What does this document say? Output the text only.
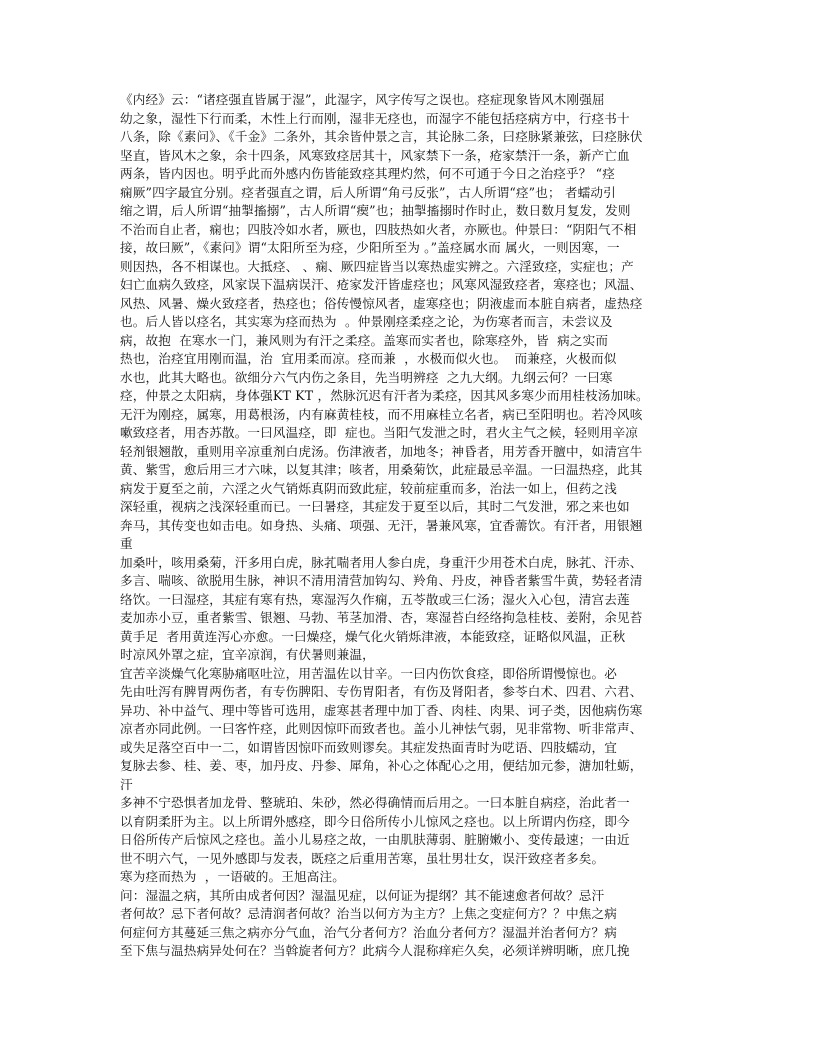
《内经》云：“诸痉强直皆属于湿”，此湿字，风字传写之误也。痉症现象皆风木刚强屈
幼之象，湿性下行而柔，木性上行而刚，湿非无痉也，而湿字不能包括痉病方中，行痉书十
八条，除《素问》、《千金》二条外，其余皆仲景之言，其论脉二条，曰痉脉紧兼弦，曰痉脉伏
坚直，皆风木之象，余十四条，风寒致痉居其十，风家禁下一条，疮家禁汗一条，新产亡血
两条，皆内因也。明乎此而外感内伤皆能致痉其理灼然，何不可通于今日之治痉乎？ “痉
痫厥”四字最宜分别。痉者强直之谓，后人所谓“角弓反张”，古人所谓“痉”也； 者蠕动引
缩之谓，后人所谓“抽掣搐搦”，古人所谓“瘈”也；抽掣搐搦时作时止，数日数月复发，发则
不治而自止者，痫也；四肢冷如水者，厥也，四肢热如火者，亦厥也。仲景曰：“阴阳气不相
接，故曰厥”，《素问》谓“太阳所至为痉，少阳所至为 。”盖痉属水而 属火，一则因寒，一
则因热，各不相谋也。大抵痉、 、痫、厥四症皆当以寒热虚实辨之。六淫致痉，实症也；产
妇亡血病久致痉，风家误下温病误汗、疮家发汗皆虚痉也；风寒风湿致痉者，寒痉也；风温、
风热、风暑、燥火致痉者，热痉也；俗传慢惊风者，虚寒痉也；阴液虚而本脏自病者，虚热痉
也。后人皆以痉名，其实寒为痉而热为  。仲景刚痉柔痉之论，为伤寒者而言，未尝议及
病，故抱  在寒水一门，兼风则为有汗之柔痉。盖寒而实者也，除寒痉外，皆  病之实而
热也，治痉宜用刚而温，治  宜用柔而凉。痉而兼  ，水极而似火也。  而兼痉，火极而似
水也，此其大略也。欲细分六气内伤之条目，先当明辨痉  之九大纲。九纲云何？一曰寒
痉，仲景之太阳病，身体强KT KT ，然脉沉迟有汗者为柔痉，因其风多寒少而用桂枝汤加味。
无汗为刚痉，属寒，用葛根汤，内有麻黄桂枝，而不用麻桂立名者，病已至阳明也。若冷风咳
嗽致痉者，用杏苏散。一曰风温痉，即  症也。当阳气发泄之时，君火主气之候，轻则用辛凉
轻剂银翘散，重则用辛凉重剂白虎汤。伤津液者，加地冬；神昏者，用芳香开膻中，如清宫牛
黄、紫雪，愈后用三才六味，以复其津；咳者，用桑菊饮，此症最忌辛温。一曰温热痉，此其
病发于夏至之前，六淫之火气销烁真阴而致此症，较前症重而多，治法一如上，但药之浅
深轻重，视病之浅深轻重而已。一曰暑痉，其症发于夏至以后，其时二气发泄，邪之来也如
奔马，其传变也如击电。如身热、头痛、项强、无汗，暑兼风寒，宜香薷饮。有汗者，用银翘
重
加桑叶，咳用桑菊，汗多用白虎，脉芤喘者用人参白虎，身重汗少用苍术白虎，脉芤、汗赤、
多言、喘咳、欲脱用生脉，神识不清用清营加钩勾、羚角、丹皮，神昏者紫雪牛黄，势轻者清
络饮。一曰湿痉，其症有寒有热，寒湿泻久作痫，五苓散或三仁汤；湿火入心包，清宫去莲
麦加赤小豆，重者紫雪、银翘、马勃、苇茎加滑、杏，寒湿苔白经络拘急桂枝、姜附，余见苔
黄手足  者用黄连泻心亦愈。一曰燥痉，燥气化火销烁津液，本能致痉，证略似风温，正秋
时凉风外罩之症，宜辛凉润，有伏暑则兼温，
宜苦辛淡燥气化寒胁痛呕吐泣，用苦温佐以甘辛。一曰内伤饮食痉，即俗所谓慢惊也。必
先由吐泻有脾胃两伤者，有专伤脾阳、专伤胃阳者，有伤及肾阳者，参苓白术、四君、六君、
异功、补中益气、理中等皆可选用，虚寒甚者理中加丁香、肉桂、肉果、诃子类，因他病伤寒
凉者亦同此例。一曰客忤痉，此则因惊吓而致者也。盖小儿神怯气弱，见非常物、听非常声、
或失足落空百中一二，如谓皆因惊吓而致则谬矣。其症发热面青时为呓语、四肢蠕动，宜
复脉去参、桂、姜、枣，加丹皮、丹参、犀角，补心之体配心之用，便结加元参，溏加牡蛎，
汗
多神不宁恐惧者加龙骨、整琥珀、朱砂，然必得确情而后用之。一曰本脏自病痉，治此者一
以育阴柔肝为主。以上所谓外感痉，即今日俗所传小儿惊风之痉也。以上所谓内伤痉，即今
日俗所传产后惊风之痉也。盖小儿易痉之故，一由肌肤薄弱、脏腑嫩小、变传最速；一由近
世不明六气，一见外感即与发表，既痉之后重用苦寒，虽壮男壮女，误汗致痉者多矣。
寒为痉而热为  ，一语破的。王旭高注。
问：湿温之病，其所由成者何因？湿温见症，以何证为提纲？其不能速愈者何故？忌汗
者何故？忌下者何故？忌清润者何故？治当以何方为主方？上焦之变症何方？？中焦之病
何症何方其蔓延三焦之病亦分气血，治气分者何方？治血分者何方？湿温并治者何方？病
至下焦与温热病异处何在？当斡旋者何方？此病今人混称痒疟久矣，必须详辨明晰，庶几挽
